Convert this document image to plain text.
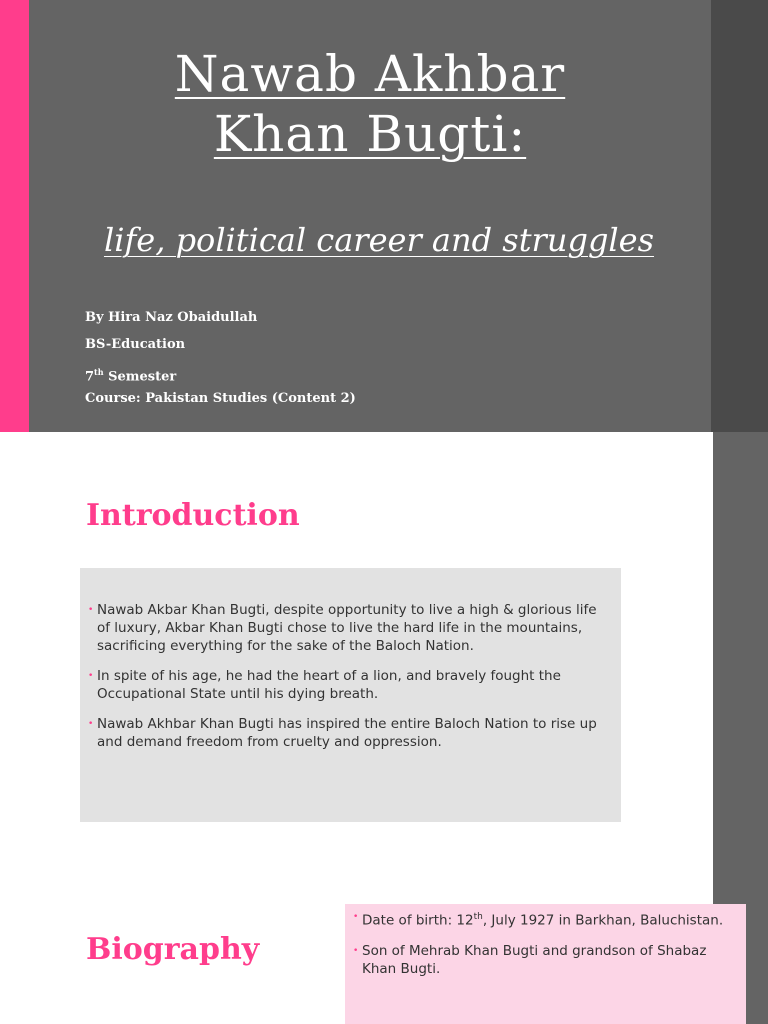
Nawab Akhbar
Khan Bugti:
life, political career and struggles
By Hira Naz Obaidullah
BS-Education
7th Semester
Course: Pakistan Studies (Content 2)
Introduction
• Nawab Akbar Khan Bugti, despite opportunity to live a high & glorious life of luxury, Akbar Khan Bugti chose to live the hard life in the mountains, sacrificing everything for the sake of the Baloch Nation.
• In spite of his age, he had the heart of a lion, and bravely fought the Occupational State until his dying breath.
• Nawab Akhbar Khan Bugti has inspired the entire Baloch Nation to rise up and demand freedom from cruelty and oppression.
Biography
• Date of birth: 12th, July 1927 in Barkhan, Baluchistan.
• Son of Mehrab Khan Bugti and grandson of Shabaz Khan Bugti.
